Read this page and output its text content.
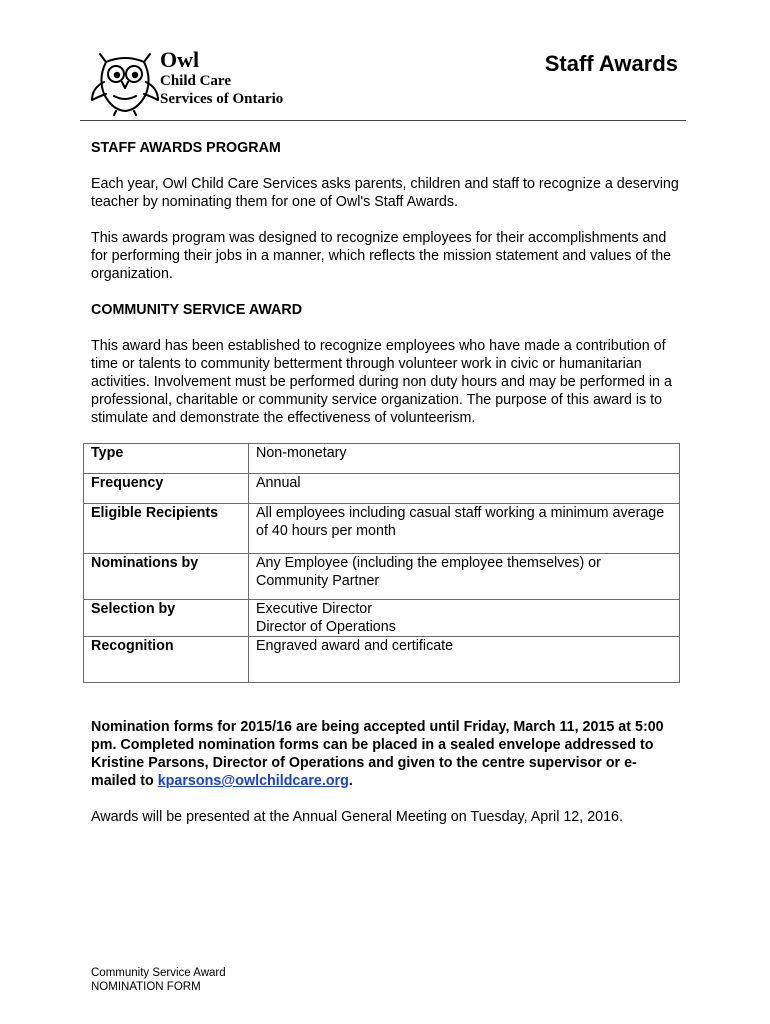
Owl
Child Care
Services of Ontario
Staff Awards
STAFF AWARDS PROGRAM
Each year, Owl Child Care Services asks parents, children and staff to recognize a deserving teacher by nominating them for one of Owl's Staff Awards.
This awards program was designed to recognize employees for their accomplishments and for performing their jobs in a manner, which reflects the mission statement and values of the organization.
COMMUNITY SERVICE AWARD
This award has been established to recognize employees who have made a contribution of time or talents to community betterment through volunteer work in civic or humanitarian activities. Involvement must be performed during non duty hours and may be performed in a professional, charitable or community service organization. The purpose of this award is to stimulate and demonstrate the effectiveness of volunteerism.
Type	Non-monetary
Frequency	Annual
Eligible Recipients	All employees including casual staff working a minimum average of 40 hours per month
Nominations by	Any Employee (including the employee themselves) or Community Partner
Selection by	Executive Director
Director of Operations

Recognition	Engraved award and certificate
Nomination forms for 2015/16 are being accepted until Friday, March 11, 2015 at 5:00 pm. Completed nomination forms can be placed in a sealed envelope addressed to Kristine Parsons, Director of Operations and given to the centre supervisor or e-mailed to kparsons@owlchildcare.org.
Awards will be presented at the Annual General Meeting on Tuesday, April 12, 2016.
Community Service Award
NOMINATION FORM
